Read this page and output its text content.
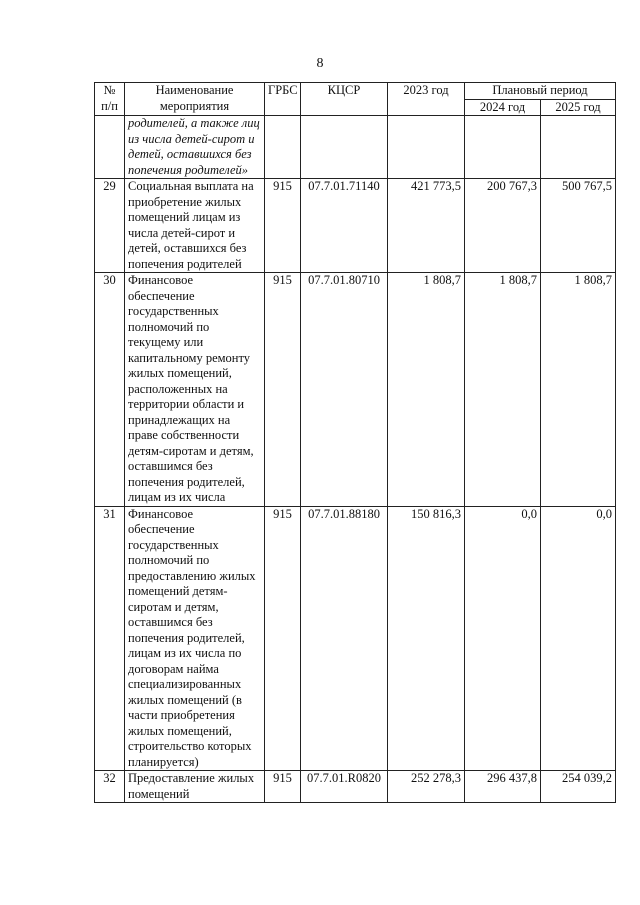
8
№ п/п	Наименование мероприятия	ГРБС	КЦСР	2023 год	Плановый период	
					2024 год	2025 год
	родителей, а также лиц из числа детей-сирот и детей, оставшихся без попечения родителей»					
29	Социальная выплата на приобретение жилых помещений лицам из числа детей-сирот и детей, оставшихся без попечения родителей	915	07.7.01.71140	421 773,5	200 767,3	500 767,5
30	Финансовое обеспечение государственных полномочий по текущему или капитальному ремонту жилых помещений, расположенных на территории области и принадлежащих на праве собственности детям-сиротам и детям, оставшимся без попечения родителей, лицам из их числа	915	07.7.01.80710	1 808,7	1 808,7	1 808,7
31	Финансовое обеспечение государственных полномочий по предоставлению жилых помещений детям-сиротам и детям, оставшимся без попечения родителей, лицам из их числа по договорам найма специализированных жилых помещений (в части приобретения жилых помещений, строительство которых планируется)	915	07.7.01.88180	150 816,3	0,0	0,0
32	Предоставление жилых помещений	915	07.7.01.R0820	252 278,3	296 437,8	254 039,2
